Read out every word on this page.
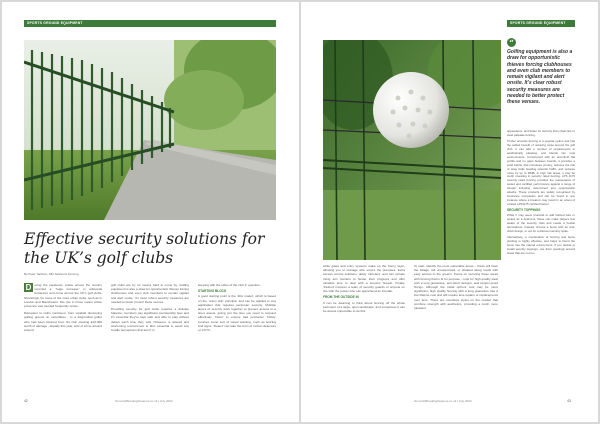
SPORTS GROUND EQUIPMENT
Effective security solutions for the UK’s golf clubs
By Peter Jackson, MD Jacksons Fencing
D	uring the pandemic, police across the country reported a “huge increase” in antisocial behaviour and crime across the UK’s golf clubs. Shockingly, for some of the more urban clubs, such as in London and Manchester, this rise in crime meant police presence was needed frequently onsite.

Disruption to clubs continues: from vandals destroying golfing greens on motorbikes , to a disgruntled golfer who had been banned from his club causing £10,000 worth of damage , already this year, acts of crime around around

golf clubs are by no means hard to come by. Golfing equipment is also a draw for opportunistic thieves forcing clubhouses and even club members to remain vigilant and alert onsite. It’s clear robust security measures are needed to better protect these venues.

Providing security for golf clubs requires a delicate balance; members pay significant membership fees and it’s essential they’re kept safe and able to play without delays each time they visit. However, a relaxed and welcoming environment is also essential to avoid any hostile perceptions that aren’t in

keeping with the ethos of the club in question.

STARTING BLOCK

A good starting point is the ‘4Ds model’, which is based on the ‘onion skin’ principle, and can be applied to any application that requires perimeter security. Multiple layers of security work together to prevent access to a site’s assets, giving you the time you need to respond effectively. ‘Deter’ to ensure bad perimeter, ‘Delay’ involves some sort of visual warning, such as fencing and signs. ‘Detect’ can take the form of motion detectors or CCTV,

42	GroundsBreakingSeamus.co.uk | July 2022
SPORTS GROUND EQUIPMENT
“
Golfing equipment is also a draw for opportunistic thieves forcing clubhouses and even club members to remain vigilant and alert onsite. It’s clear robust security measures are needed to better protect these venues.

while gates and entry systems make up the ‘Deny’ layer, allowing you to manage who enters the premises. Extra access control solutions ‘delay’ intruders, and can include rising arm barriers to hinder their progress and offer valuable time to deal with a security breach. Finally, ‘Defend’ involves a team of security guards or anyone on site with the power who can apprehend an intruder.

FROM THE OUTSIDE IN

It can be daunting to think about fencing off the whole perimeter of a large, open landscape, and sometimes it can be almost impossible to do this.

To start, identify the most vulnerable areas – these will have the foliage, left unsupervised, or situated along roads with easy access to the greens. Focus on securing these areas with fencing that is fit for purpose – look for high quality steel with a long guarantee, anti-climb designs, and tamper-proof fixings. Although the initial upfront cost may be more significant, high quality fencing with a long guarantee has a low lifetime cost and will require less repairs or replacements over time. There are countless styles on the market that combine strength with aesthetics, providing a much more pleasant

appearance, and better for security than chain-link or steel palisade fencing.

Timber acoustic fencing is a popular option and has the added benefit of reducing noise around the golf club. It can add a number of requirements in aesthetically pleasing, and blends into rural environments. Constructed with an anti-climb flat profile and no gaps between boards, it provides a solid barrier that increases privacy, reduces the risk of stray balls heading towards traffic, and reduces noise by up to 28dB. In high risk areas, it may be worth investing in security rated fencing. LPS 1175 security rated fencing provides the reassurance of tested and certified performance against a range of threats including determined and opportunistic attacks. These products are widely recognised by insurance companies and can be found in any instance where a break-in may result in an arrest of a listed LPS1175 certified barrier.

SECURITY TOPPINGS

While it may seem practical to add barbed wire or spikes as a deterrent, these can make players feel aware of the security risks and create a hostile atmosphere. Instead, choose a fence with an anti-climb design, or opt for a discreet security spike.

Alternatively, a combination of fencing and fence planting is highly effective, and helps to blend the fence into the natural environment. If you decide to install security toppings, use them sparingly around areas that are not too

GroundsBreakingSeamus.co.uk | July 2022	43
